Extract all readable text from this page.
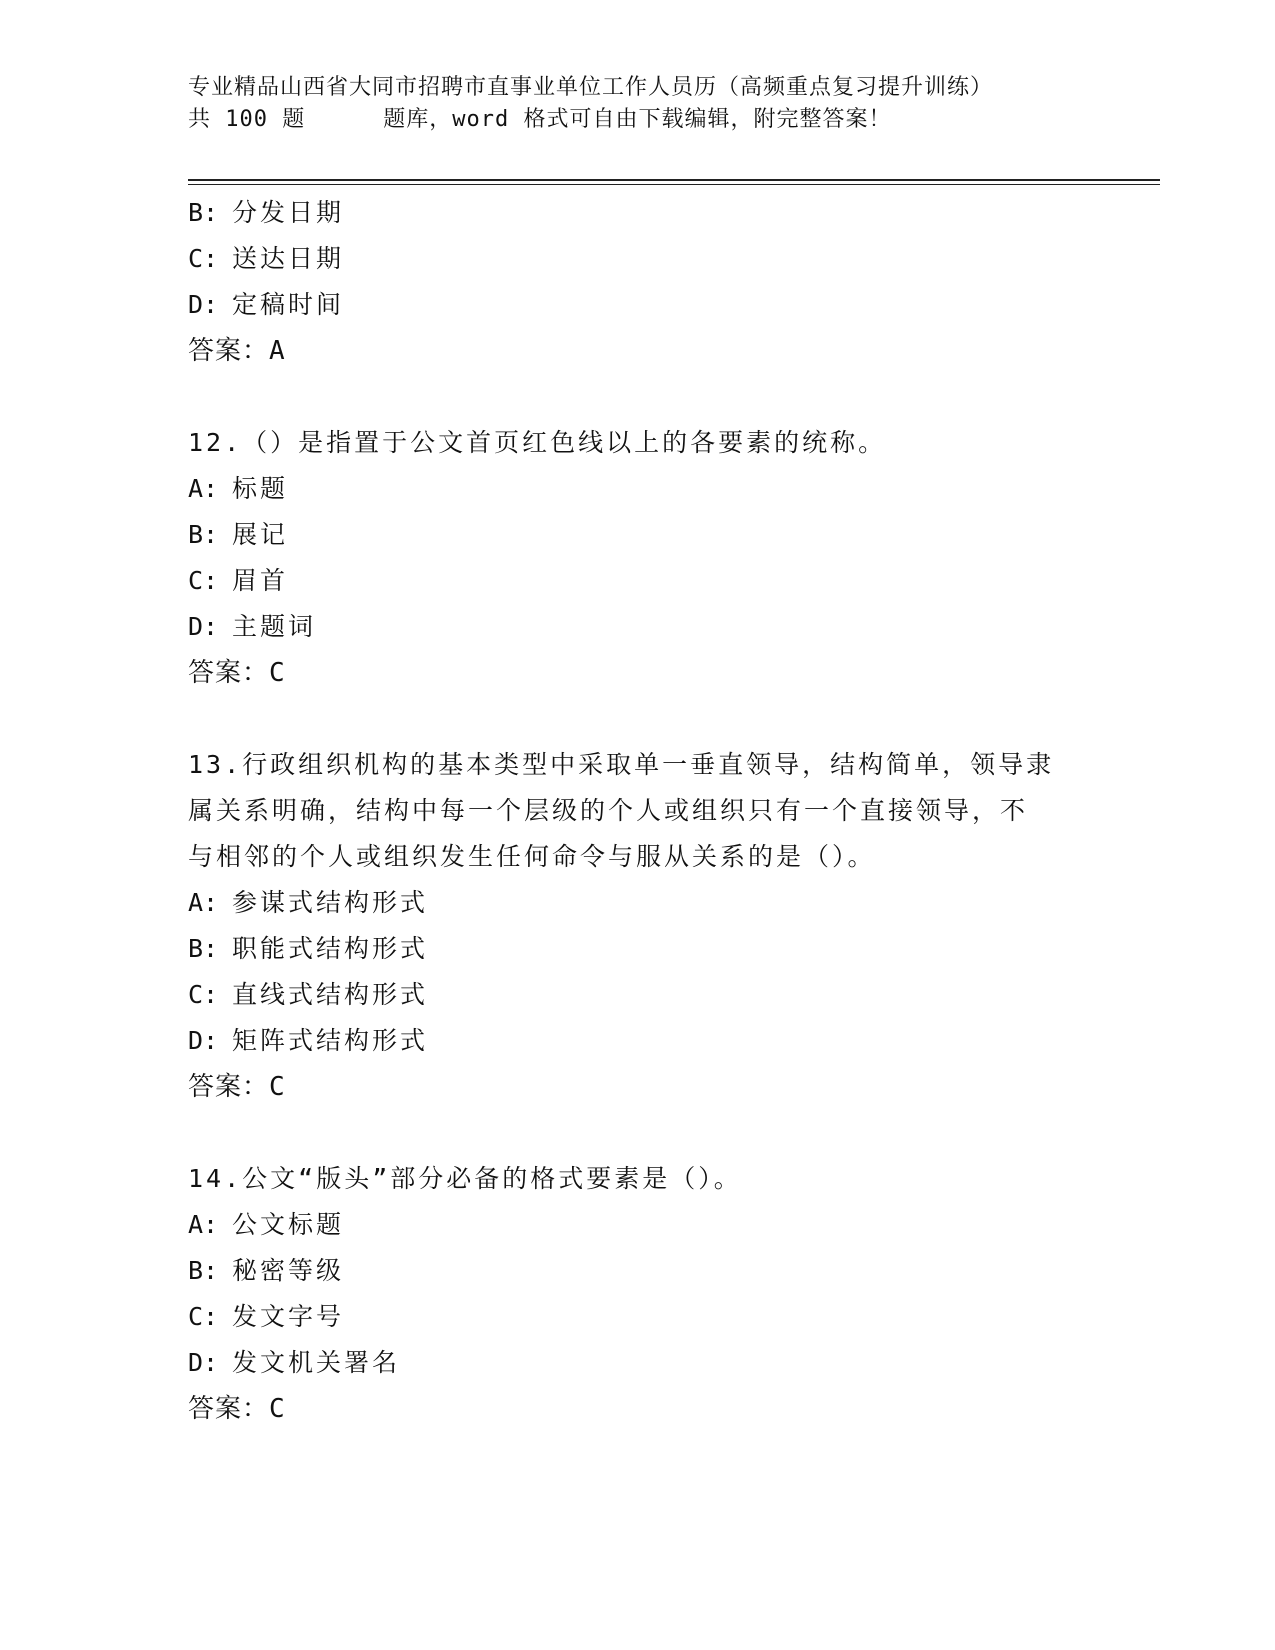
专业精品山西省大同市招聘市直事业单位工作人员历（高频重点复习提升训练）
共 100 题	题库，word 格式可自由下载编辑，附完整答案！
B: 分发日期
C: 送达日期
D: 定稿时间
答案：A
12.（）是指置于公文首页红色线以上的各要素的统称。
A: 标题
B: 展记
C: 眉首
D: 主题词
答案：C
13.行政组织机构的基本类型中采取单一垂直领导，结构简单，领导隶
属关系明确，结构中每一个层级的个人或组织只有一个直接领导，不
与相邻的个人或组织发生任何命令与服从关系的是（）。
A: 参谋式结构形式
B: 职能式结构形式
C: 直线式结构形式
D: 矩阵式结构形式
答案：C
14.公文“版头”部分必备的格式要素是（）。
A: 公文标题
B: 秘密等级
C: 发文字号
D: 发文机关署名
答案：C
